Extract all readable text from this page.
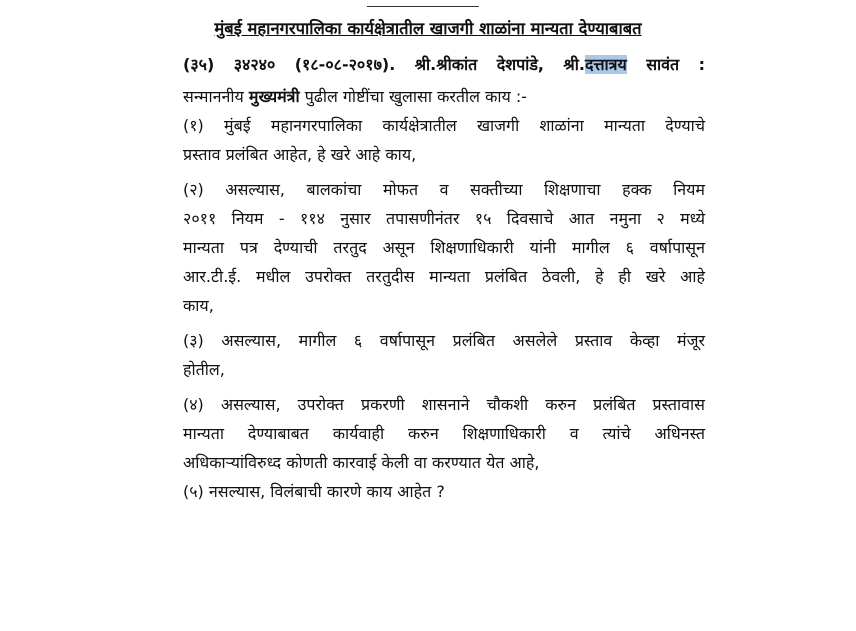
मुंबई महानगरपालिका कार्यक्षेत्रातील खाजगी शाळांना मान्यता देण्याबाबत
(३५) ३४२४० (१८-०८-२०१७). श्री.श्रीकांत देशपांडे, श्री.दत्तात्रय सावंत :

सन्माननीय मुख्यमंत्री पुढील गोष्टींचा खुलासा करतील काय :-

(१) मुंबई महानगरपालिका कार्यक्षेत्रातील खाजगी शाळांना मान्यता देण्याचे
प्रस्ताव प्रलंबित आहेत, हे खरे आहे काय,

(२) असल्यास, बालकांचा मोफत व सक्तीच्या शिक्षणाचा हक्क नियम
२०११ नियम - ११४ नुसार तपासणीनंतर १५ दिवसाचे आत नमुना २ मध्ये
मान्यता पत्र देण्याची तरतुद असून शिक्षणाधिकारी यांनी मागील ६ वर्षापासून
आर.टी.ई. मधील उपरोक्त तरतुदीस मान्यता प्रलंबित ठेवली, हे ही खरे आहे
काय,

(३) असल्यास, मागील ६ वर्षापासून प्रलंबित असलेले प्रस्ताव केव्हा मंजूर
होतील,

(४) असल्यास, उपरोक्त प्रकरणी शासनाने चौकशी करुन प्रलंबित प्रस्तावास
मान्यता देण्याबाबत कार्यवाही करुन शिक्षणाधिकारी व त्यांचे अधिनस्त
अधिकाऱ्यांविरुध्द कोणती कारवाई केली वा करण्यात येत आहे,

(५) नसल्यास, विलंबाची कारणे काय आहेत ?
